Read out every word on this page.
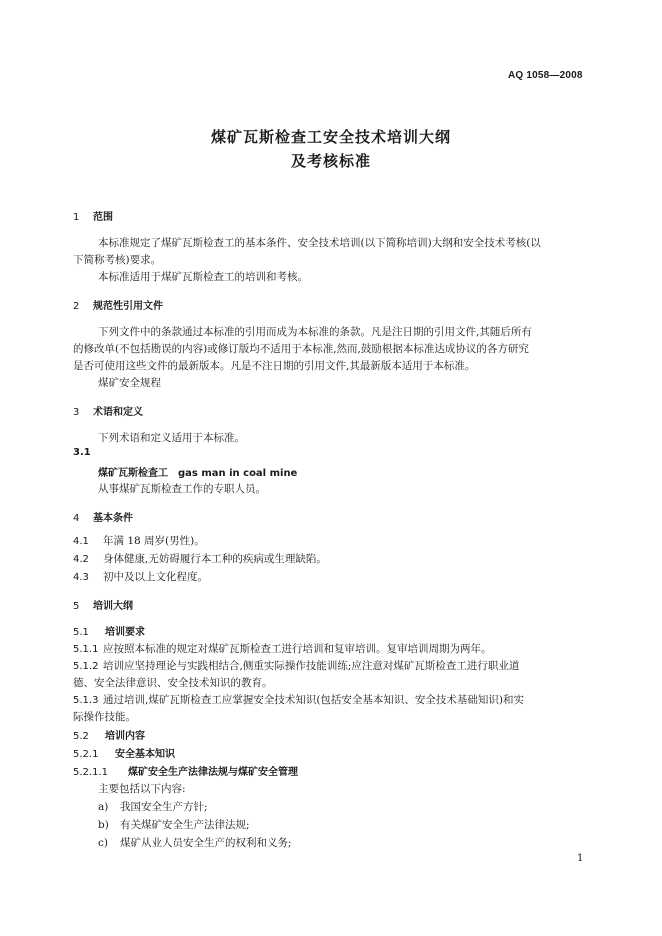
AQ 1058—2008
煤矿瓦斯检查工安全技术培训大纲
及考核标准
1 范围
本标准规定了煤矿瓦斯检查工的基本条件、安全技术培训(以下简称培训)大纲和安全技术考核(以
下简称考核)要求。
本标准适用于煤矿瓦斯检查工的培训和考核。
2 规范性引用文件
下列文件中的条款通过本标准的引用而成为本标准的条款。凡是注日期的引用文件,其随后所有
的修改单(不包括勘误的内容)或修订版均不适用于本标准,然而,鼓励根据本标准达成协议的各方研究
是否可使用这些文件的最新版本。凡是不注日期的引用文件,其最新版本适用于本标准。
煤矿安全规程
3 术语和定义
下列术语和定义适用于本标准。
3.1
煤矿瓦斯检查工　gas man in coal mine
从事煤矿瓦斯检查工作的专职人员。
4 基本条件
4.1 年满 18 周岁(男性)。
4.2 身体健康,无妨碍履行本工种的疾病或生理缺陷。
4.3 初中及以上文化程度。
5 培训大纲
5.1 培训要求
5.1.1 应按照本标准的规定对煤矿瓦斯检查工进行培训和复审培训。复审培训周期为两年。
5.1.2 培训应坚持理论与实践相结合,侧重实际操作技能训练;应注意对煤矿瓦斯检查工进行职业道
德、安全法律意识、安全技术知识的教育。
5.1.3 通过培训,煤矿瓦斯检查工应掌握安全技术知识(包括安全基本知识、安全技术基础知识)和实
际操作技能。
5.2 培训内容
5.2.1 安全基本知识
5.2.1.1 煤矿安全生产法律法规与煤矿安全管理
主要包括以下内容:
a) 我国安全生产方针;
b) 有关煤矿安全生产法律法规;
c) 煤矿从业人员安全生产的权利和义务;
1
